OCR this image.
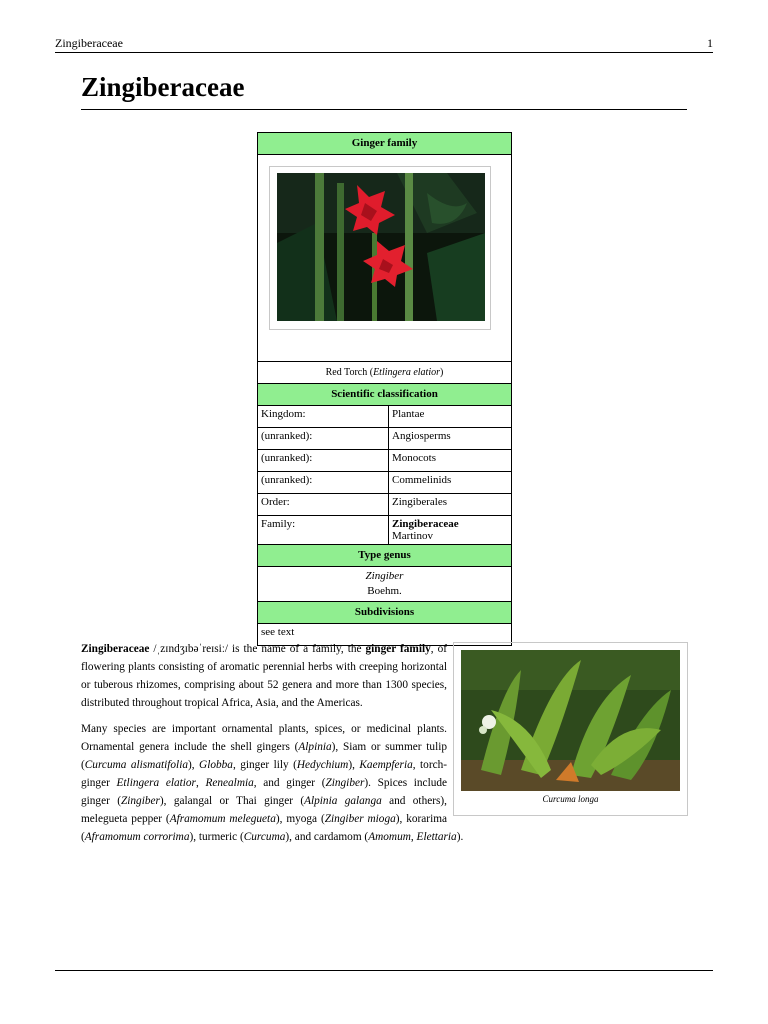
Zingiberaceae	1
Zingiberaceae
Ginger family
Red Torch (Etlingera elatior)
Scientific classification
Kingdom:	Plantae
(unranked):	Angiosperms
(unranked):	Monocots
(unranked):	Commelinids
Order:	Zingiberales
Family:	Zingiberaceae
Martinov
Type genus
Zingiber
Boehm.
Subdivisions
see text
Curcuma longa

Zingiberaceae /ˌzɪndʒɪbəˈreɪsiː/ is the name of a family, the ginger family, of flowering plants consisting of aromatic perennial herbs with creeping horizontal or tuberous rhizomes, comprising about 52 genera and more than 1300 species, distributed throughout tropical Africa, Asia, and the Americas.

Many species are important ornamental plants, spices, or medicinal plants. Ornamental genera include the shell gingers (Alpinia), Siam or summer tulip (Curcuma alismatifolia), Globba, ginger lily (Hedychium), Kaempferia, torch-ginger Etlingera elatior, Renealmia, and ginger (Zingiber). Spices include ginger (Zingiber), galangal or Thai ginger (Alpinia galanga and others), melegueta pepper (Aframomum melegueta), myoga (Zingiber mioga), korarima (Aframomum corrorima), turmeric (Curcuma), and cardamom (Amomum, Elettaria).
